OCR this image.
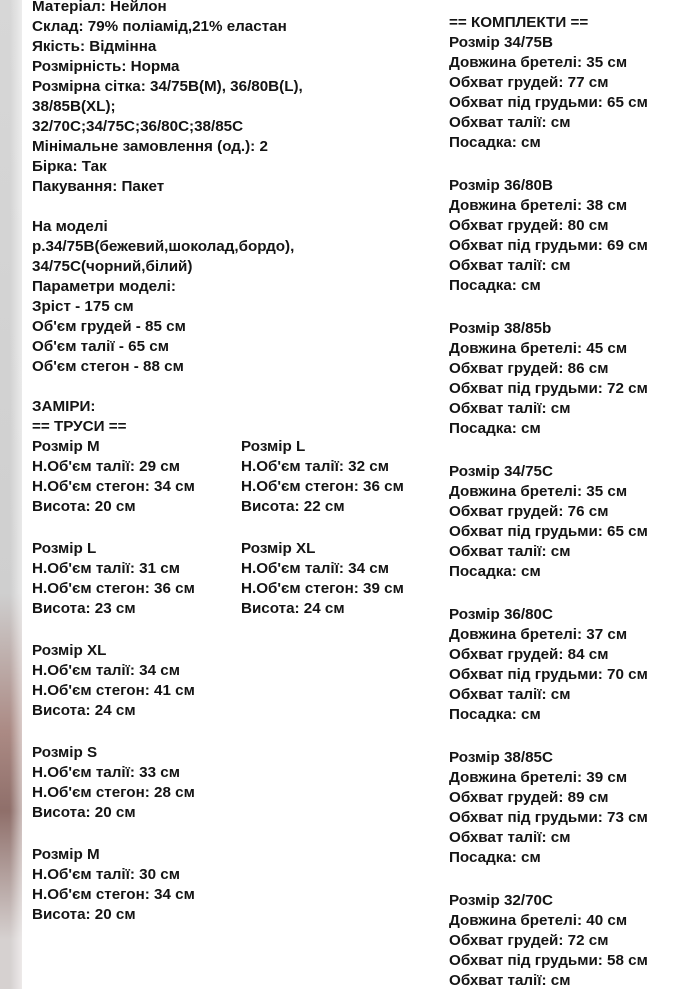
Матеріал: Нейлон
Склад: 79% поліамід,21% еластан
Якість: Відмінна
Розмірність: Норма
Розмірна сітка: 34/75B(M), 36/80B(L),
38/85B(XL);
32/70C;34/75C;36/80C;38/85C
Мінімальне замовлення (од.): 2
Бірка: Так
Пакування: Пакет
На моделі
р.34/75B(бежевий,шоколад,бордо),
34/75C(чорний,білий)
Параметри моделі:
Зріст - 175 см
Об'єм грудей - 85 см
Об'єм талії - 65 см
Об'єм стегон - 88 см
ЗАМІРИ:
== ТРУСИ ==
Розмір M
Н.Об'єм талії: 29 см
Н.Об'єм стегон: 34 см
Висота: 20 см
Розмір L
Н.Об'єм талії: 31 см
Н.Об'єм стегон: 36 см
Висота: 23 см
Розмір XL
Н.Об'єм талії: 34 см
Н.Об'єм стегон: 41 см
Висота: 24 см
Розмір S
Н.Об'єм талії: 33 см
Н.Об'єм стегон: 28 см
Висота: 20 см
Розмір M
Н.Об'єм талії: 30 см
Н.Об'єм стегон: 34 см
Висота: 20 см
Розмір L
Н.Об'єм талії: 32 см
Н.Об'єм стегон: 36 см
Висота: 22 см
Розмір XL
Н.Об'єм талії: 34 см
Н.Об'єм стегон: 39 см
Висота: 24 см
== КОМПЛЕКТИ ==
Розмір 34/75B
Довжина бретелі: 35 см
Обхват грудей: 77 см
Обхват під грудьми: 65 см
Обхват талії: см
Посадка: см
Розмір 36/80B
Довжина бретелі: 38 см
Обхват грудей: 80 см
Обхват під грудьми: 69 см
Обхват талії: см
Посадка: см
Розмір 38/85b
Довжина бретелі: 45 см
Обхват грудей: 86 см
Обхват під грудьми: 72 см
Обхват талії: см
Посадка: см
Розмір 34/75C
Довжина бретелі: 35 см
Обхват грудей: 76 см
Обхват під грудьми: 65 см
Обхват талії: см
Посадка: см
Розмір 36/80C
Довжина бретелі: 37 см
Обхват грудей: 84 см
Обхват під грудьми: 70 см
Обхват талії: см
Посадка: см
Розмір 38/85C
Довжина бретелі: 39 см
Обхват грудей: 89 см
Обхват під грудьми: 73 см
Обхват талії: см
Посадка: см
Розмір 32/70C
Довжина бретелі: 40 см
Обхват грудей: 72 см
Обхват під грудьми: 58 см
Обхват талії: см
